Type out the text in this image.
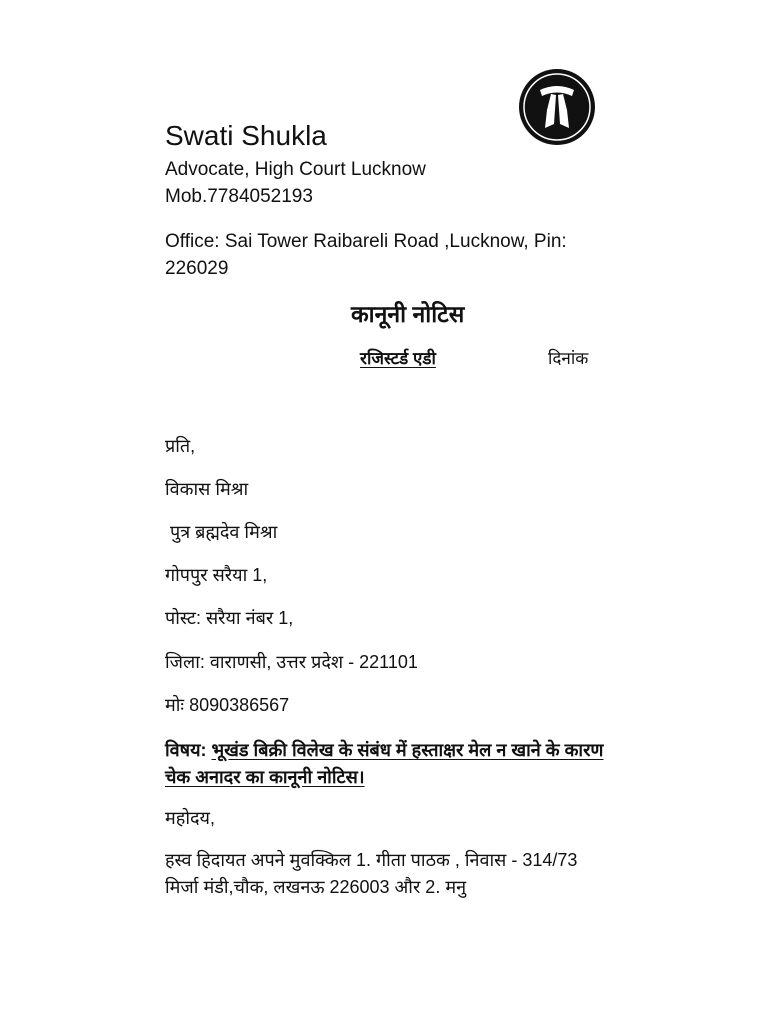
Swati Shukla
Advocate, High Court Lucknow
Mob.7784052193
Office: Sai Tower Raibareli Road ,Lucknow, Pin:
226029
कानूनी नोटिस
रजिस्टर्ड एडी	दिनांक
प्रति,
विकास मिश्रा
पुत्र ब्रह्मदेव मिश्रा
गोपपुर सरैया 1,
पोस्ट: सरैया नंबर 1,
जिला: वाराणसी, उत्तर प्रदेश - 221101
मोः 8090386567
विषय: भूखंड बिक्री विलेख के संबंध में हस्ताक्षर मेल न खाने के कारण चेक अनादर का कानूनी नोटिस।
महोदय,
हस्व हिदायत अपने मुवक्किल 1. गीता पाठक , निवास - 314/73 मिर्जा मंडी,चौक, लखनऊ 226003 और 2. मनु
